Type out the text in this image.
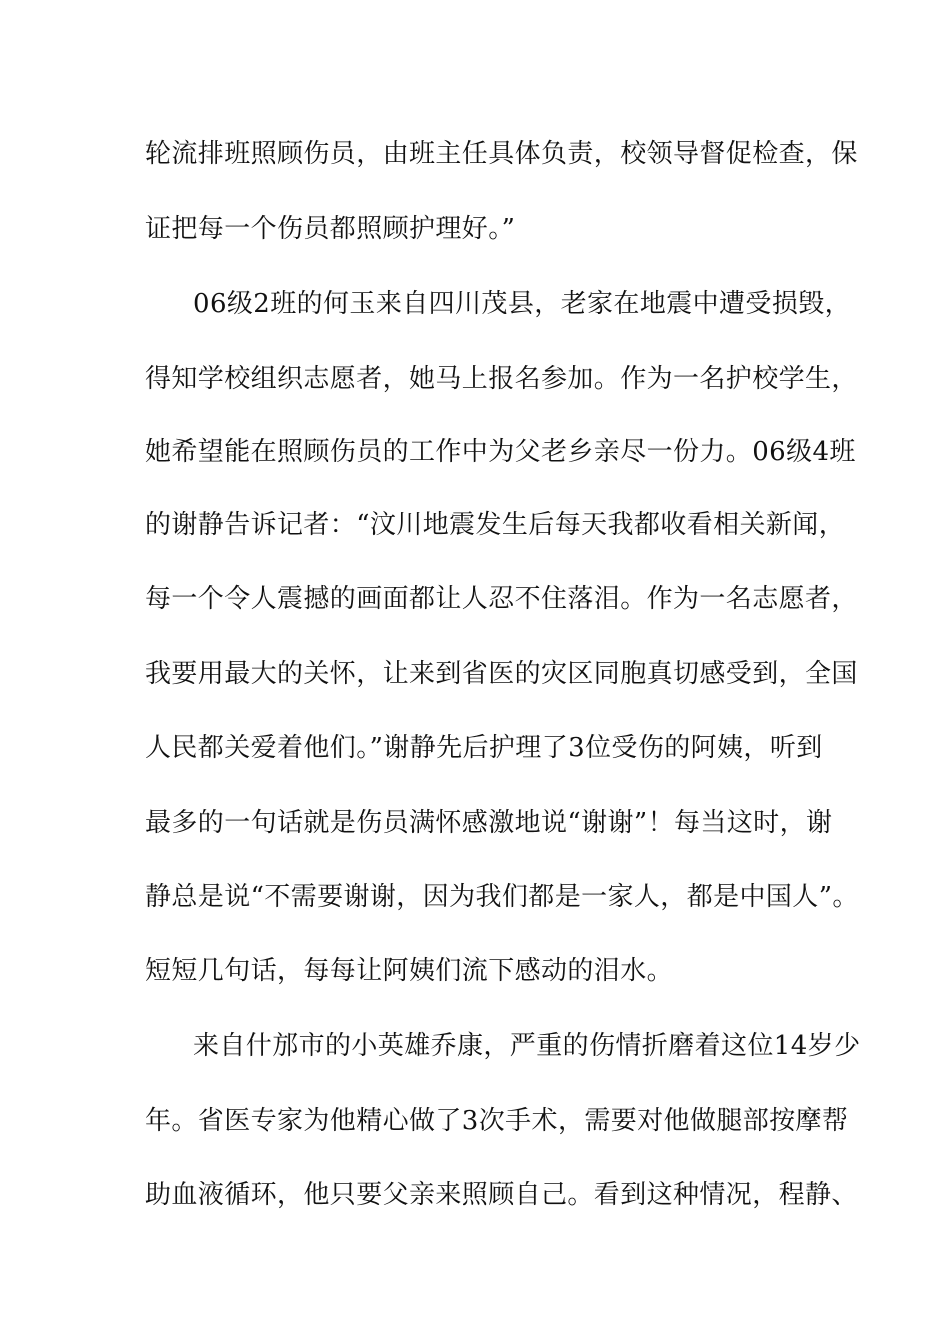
轮流排班照顾伤员，由班主任具体负责，校领导督促检查，保
证把每一个伤员都照顾护理好。”
06级2班的何玉来自四川茂县，老家在地震中遭受损毁，
得知学校组织志愿者，她马上报名参加。作为一名护校学生，
她希望能在照顾伤员的工作中为父老乡亲尽一份力。06级4班
的谢静告诉记者：“汶川地震发生后每天我都收看相关新闻，
每一个令人震撼的画面都让人忍不住落泪。作为一名志愿者，
我要用最大的关怀，让来到省医的灾区同胞真切感受到，全国
人民都关爱着他们。”谢静先后护理了3位受伤的阿姨，听到
最多的一句话就是伤员满怀感激地说“谢谢”！每当这时，谢
静总是说“不需要谢谢，因为我们都是一家人，都是中国人”。
短短几句话，每每让阿姨们流下感动的泪水。
来自什邡市的小英雄乔康，严重的伤情折磨着这位14岁少
年。省医专家为他精心做了3次手术，需要对他做腿部按摩帮
助血液循环，他只要父亲来照顾自己。看到这种情况，程静、
